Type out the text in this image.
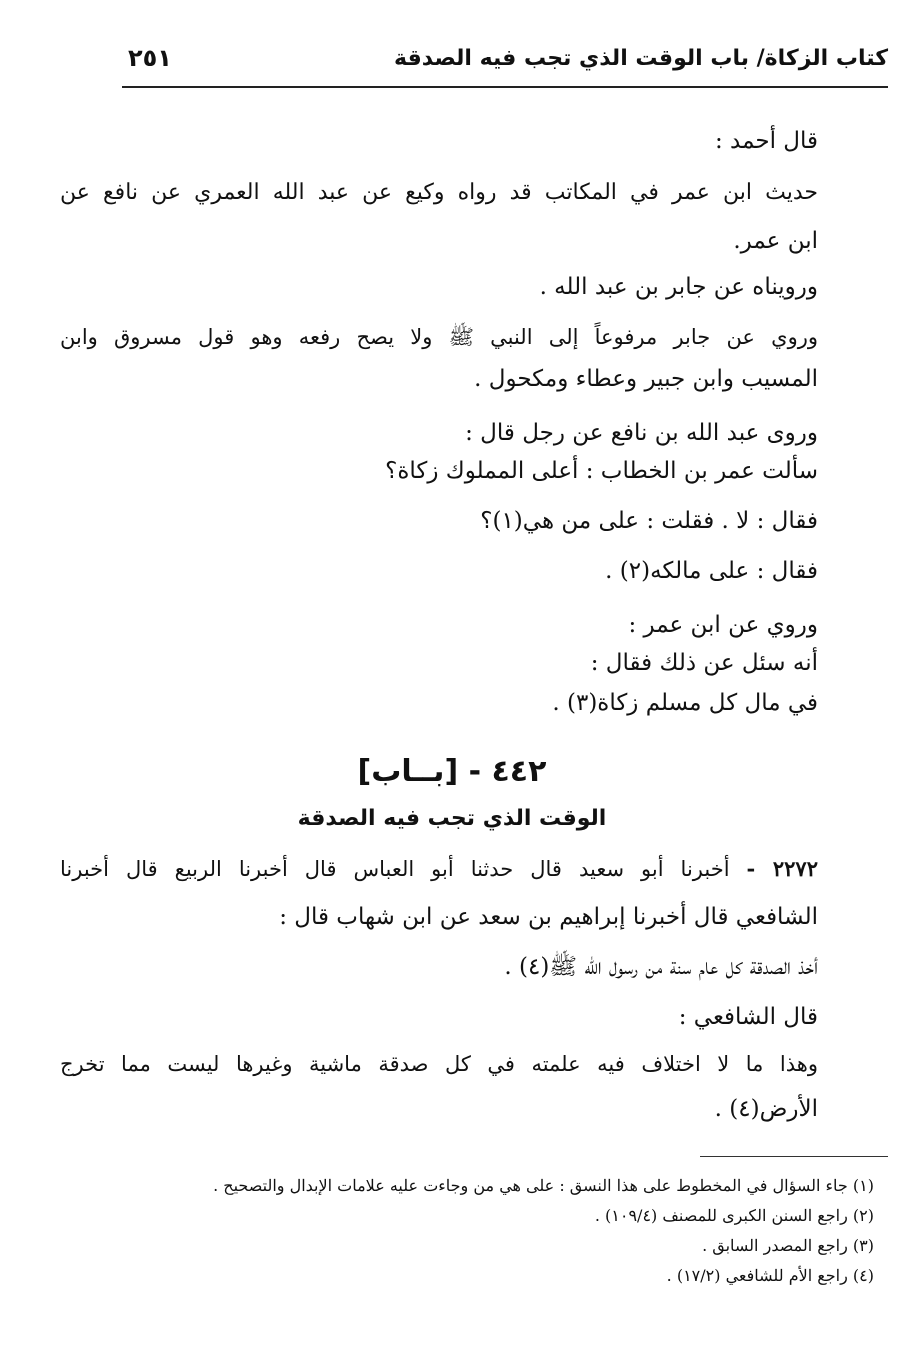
كتاب الزكاة/ باب الوقت الذي تجب فيه الصدقة
٢٥١
قال أحمد :
حديث ابن عمر في المكاتب قد رواه وكيع عن عبد الله العمري عن نافع عن
ابن عمر.
ورويناه عن جابر بن عبد الله .
وروي عن جابر مرفوعاً إلى النبي ﷺ ولا يصح رفعه وهو قول مسروق وابن
المسيب وابن جبير وعطاء ومكحول .
وروى عبد الله بن نافع عن رجل قال :
سألت عمر بن الخطاب : أعلى المملوك زكاة؟
فقال : لا . فقلت : على من هي(١)؟
فقال : على مالكه(٢) .
وروي عن ابن عمر :
أنه سئل عن ذلك فقال :
في مال كل مسلم زكاة(٣) .
٤٤٢ - [بــاب]
الوقت الذي تجب فيه الصدقة
٢٢٧٢ - أخبرنا أبو سعيد قال حدثنا أبو العباس قال أخبرنا الربيع قال أخبرنا
الشافعي قال أخبرنا إبراهيم بن سعد عن ابن شهاب قال :
أخذ الصدقة كل عام سنة من رسول الله ﷺ(٤) .
قال الشافعي :
وهذا ما لا اختلاف فيه علمته في كل صدقة ماشية وغيرها ليست مما تخرج
الأرض(٤) .
(١) جاء السؤال في المخطوط على هذا النسق : على هي من وجاءت عليه علامات الإبدال والتصحيح .
(٢) راجع السنن الكبرى للمصنف (١٠٩/٤) .
(٣) راجع المصدر السابق .
(٤) راجع الأم للشافعي (١٧/٢) .
